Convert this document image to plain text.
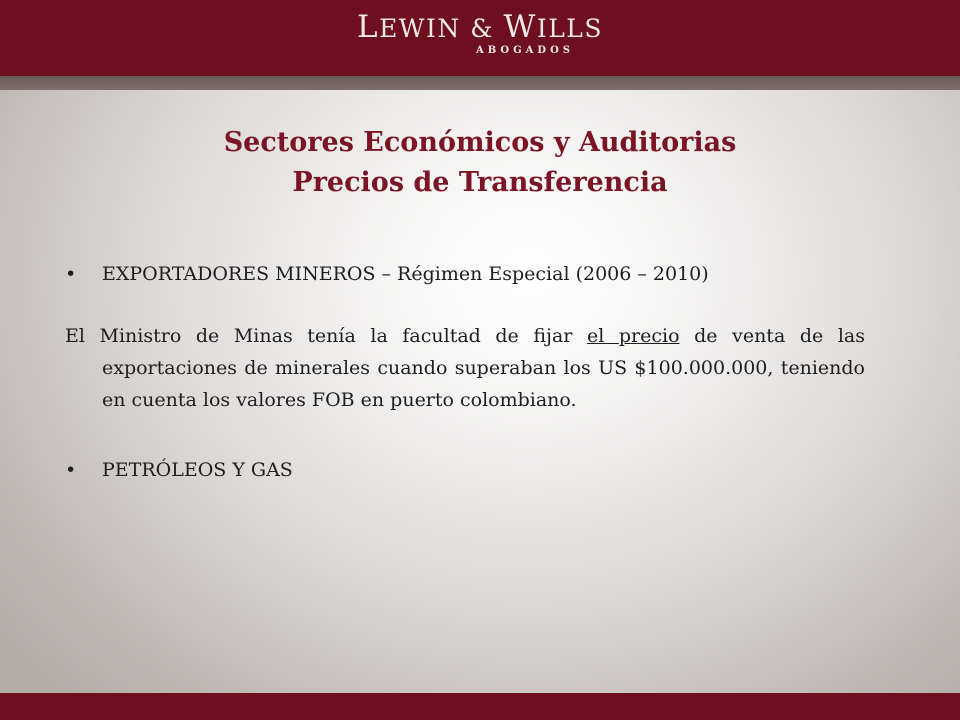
LEWIN & WILLS
ABOGADOS
Sectores Económicos y Auditorias
Precios de Transferencia
• EXPORTADORES MINEROS – Régimen Especial (2006 – 2010)
El Ministro de Minas tenía la facultad de fijar el precio de venta de las exportaciones de minerales cuando superaban los US $100.000.000, teniendo en cuenta los valores FOB en puerto colombiano.
• PETRÓLEOS Y GAS
